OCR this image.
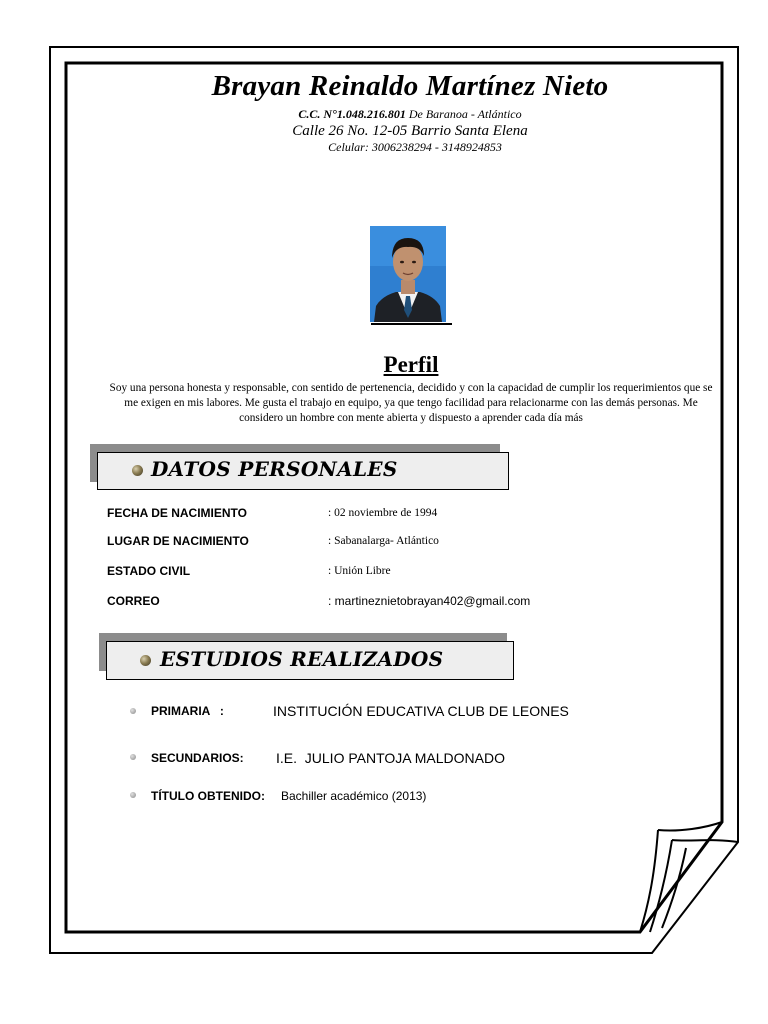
Brayan Reinaldo Martínez Nieto
C.C. N°1.048.216.801 De Baranoa - Atlántico
Calle 26 No. 12-05 Barrio Santa Elena
Celular: 3006238294 - 3148924853
Perfil
Soy una persona honesta y responsable, con sentido de pertenencia, decidido y con la capacidad de cumplir los requerimientos que se me exigen en mis labores. Me gusta el trabajo en equipo, ya que tengo facilidad para relacionarme con las demás personas. Me considero un hombre con mente abierta y dispuesto a aprender cada día más
DATOS PERSONALES
FECHA DE NACIMIENTO	: 02 noviembre de 1994
LUGAR DE NACIMIENTO	: Sabanalarga- Atlántico
ESTADO CIVIL	: Unión Libre
CORREO	: martineznietobrayan402@gmail.com
ESTUDIOS REALIZADOS
PRIMARIA   :	INSTITUCIÓN EDUCATIVA CLUB DE LEONES
SECUNDARIOS: I.E.  JULIO PANTOJA MALDONADO
TÍTULO OBTENIDO: Bachiller académico (2013)
